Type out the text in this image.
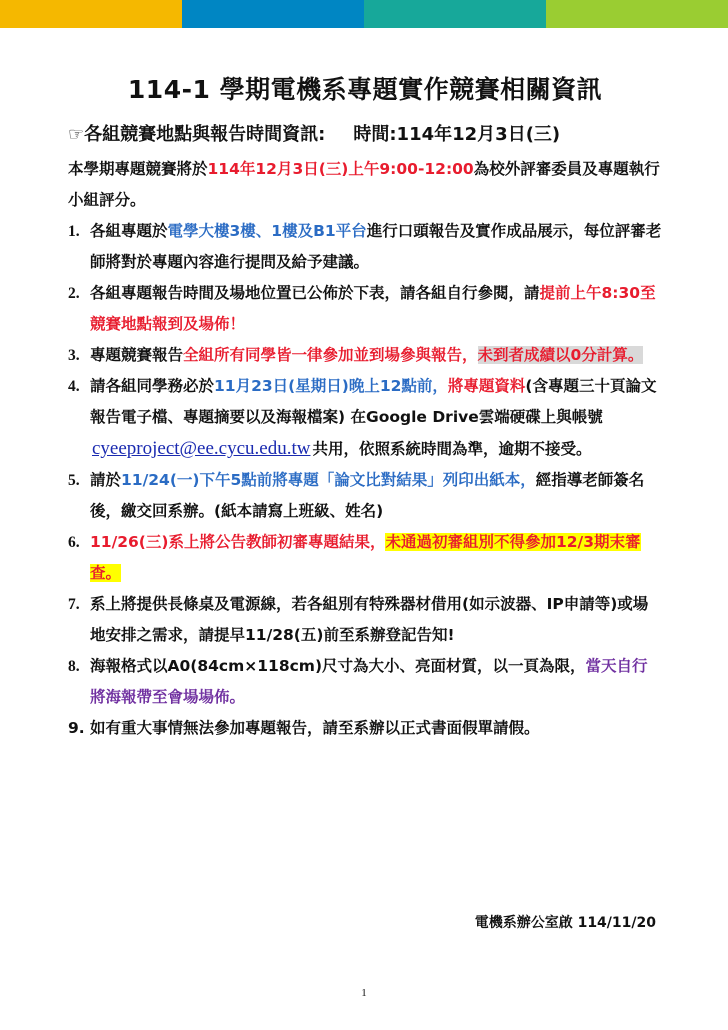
114-1 學期電機系專題實作競賽相關資訊
☞各組競賽地點與報告時間資訊: 時間:114年12月3日(三)
本學期專題競賽將於114年12月3日(三)上午9:00-12:00為校外評審委員及專題執行小組評分。
1. 各組專題於電學大樓3樓、1樓及B1平台進行口頭報告及實作成品展示，每位評審老師將對於專題內容進行提問及給予建議。
2. 各組專題報告時間及場地位置已公佈於下表，請各組自行參閱，請提前上午8:30至競賽地點報到及場佈！
3. 專題競賽報告全組所有同學皆一律參加並到場參與報告，未到者成績以0分計算。
4. 請各組同學務必於11月23日(星期日)晚上12點前，將專題資料(含專題三十頁論文報告電子檔、專題摘要以及海報檔案) 在Google Drive雲端硬碟上與帳號cyeeproject@ee.cycu.edu.tw 共用，依照系統時間為準，逾期不接受。
5. 請於11/24(一)下午5點前將專題「論文比對結果」列印出紙本，經指導老師簽名後，繳交回系辦。(紙本請寫上班級、姓名)
6. 11/26(三)系上將公告教師初審專題結果，未通過初審組別不得參加12/3期末審查。
7. 系上將提供長條桌及電源線，若各組別有特殊器材借用(如示波器、IP申請等)或場地安排之需求，請提早11/28(五)前至系辦登記告知!
8. 海報格式以A0(84cm×118cm)尺寸為大小、亮面材質，以一頁為限，當天自行將海報帶至會場場佈。
9. 如有重大事情無法參加專題報告，請至系辦以正式書面假單請假。
電機系辦公室啟 114/11/20
1
